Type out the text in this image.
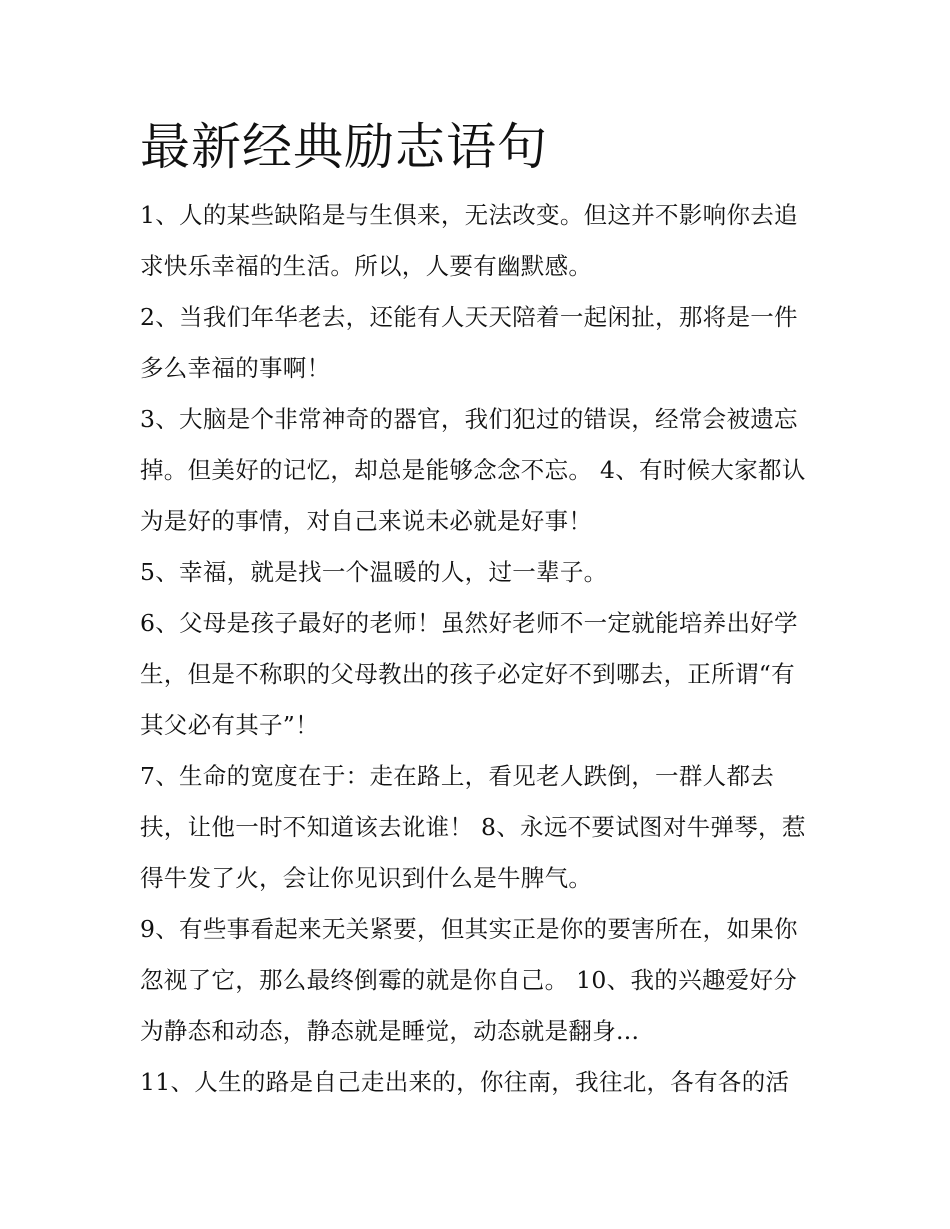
最新经典励志语句

1、人的某些缺陷是与生俱来，无法改变。但这并不影响你去追求快乐幸福的生活。所以，人要有幽默感。

2、当我们年华老去，还能有人天天陪着一起闲扯，那将是一件多么幸福的事啊！

3、大脑是个非常神奇的器官，我们犯过的错误，经常会被遗忘掉。但美好的记忆，却总是能够念念不忘。 4、有时候大家都认为是好的事情，对自己来说未必就是好事！

5、幸福，就是找一个温暖的人，过一辈子。

6、父母是孩子最好的老师！虽然好老师不一定就能培养出好学生，但是不称职的父母教出的孩子必定好不到哪去，正所谓“有其父必有其子”！

7、生命的宽度在于：走在路上，看见老人跌倒，一群人都去扶，让他一时不知道该去讹谁！ 8、永远不要试图对牛弹琴，惹得牛发了火，会让你见识到什么是牛脾气。

9、有些事看起来无关紧要，但其实正是你的要害所在，如果你忽视了它，那么最终倒霉的就是你自己。 10、我的兴趣爱好分为静态和动态，静态就是睡觉，动态就是翻身...

11、人生的路是自己走出来的，你往南，我往北，各有各的活
